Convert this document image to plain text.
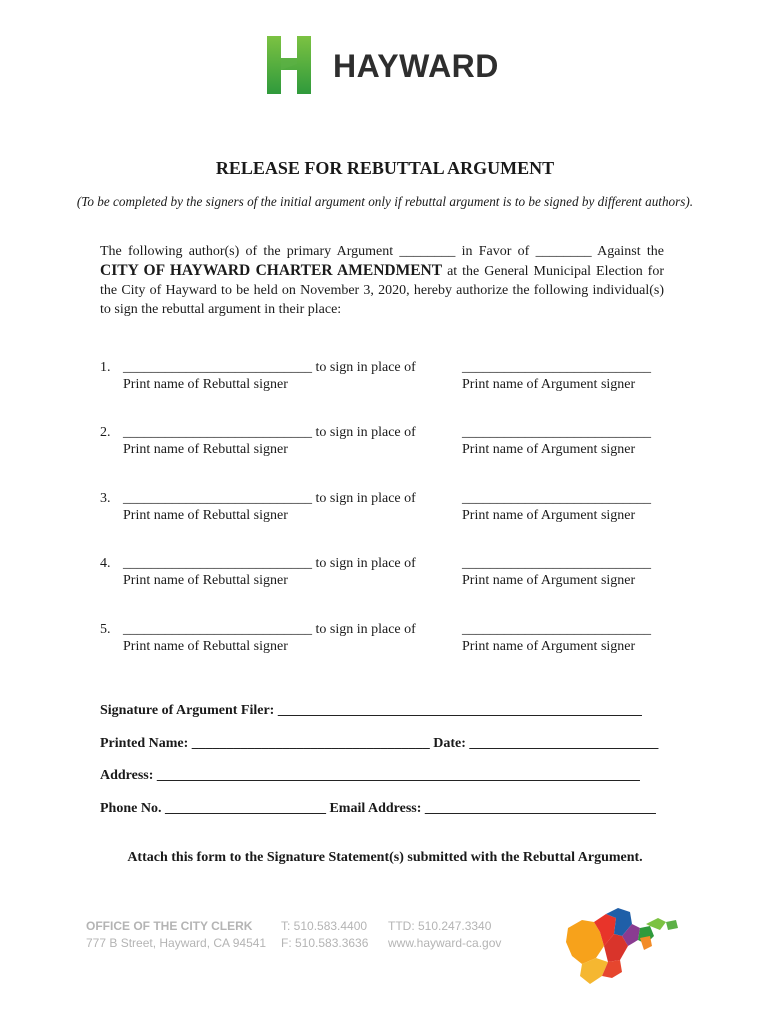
HAYWARD
RELEASE FOR REBUTTAL ARGUMENT
(To be completed by the signers of the initial argument only if rebuttal argument is to be signed by different authors).
The following author(s) of the primary Argument ________ in Favor of ________ Against the CITY OF HAYWARD CHARTER AMENDMENT at the General Municipal Election for the City of Hayward to be held on November 3, 2020, hereby authorize the following individual(s) to sign the rebuttal argument in their place:
1. ___________________________ to sign in place of
Print name of Rebuttal signer
___________________________
Print name of Argument signer
2. ___________________________ to sign in place of
Print name of Rebuttal signer
___________________________
Print name of Argument signer
3. ___________________________ to sign in place of
Print name of Rebuttal signer
___________________________
Print name of Argument signer
4. ___________________________ to sign in place of
Print name of Rebuttal signer
___________________________
Print name of Argument signer
5. ___________________________ to sign in place of
Print name of Rebuttal signer
___________________________
Print name of Argument signer
Signature of Argument Filer: ____________________________________________________
Printed Name: __________________________________ Date: ___________________________
Address: _____________________________________________________________________
Phone No. _______________________ Email Address: _________________________________
Attach this form to the Signature Statement(s) submitted with the Rebuttal Argument.
OFFICE OF THE CITY CLERK
777 B Street, Hayward, CA 94541
T: 510.583.4400
F: 510.583.3636
TTD: 510.247.3340
www.hayward-ca.gov
